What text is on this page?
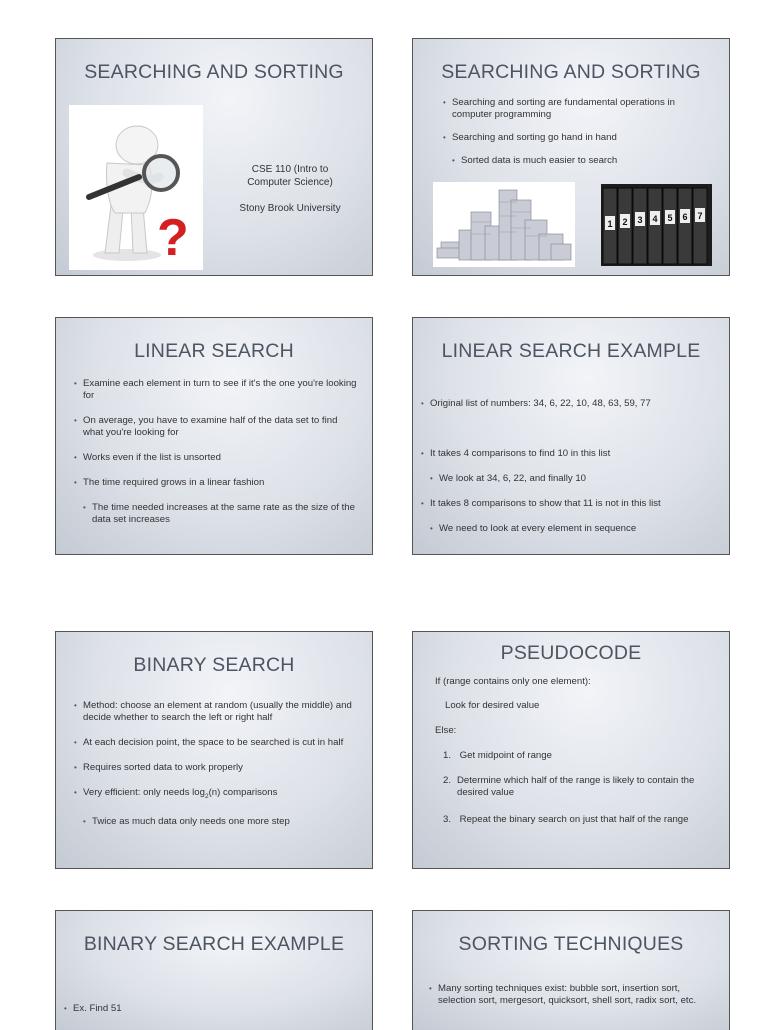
SEARCHING AND SORTING
?
CSE 110 (Intro to Computer Science)
Stony Brook University
SEARCHING AND SORTING
• Searching and sorting are fundamental operations in computer programming
• Searching and sorting go hand in hand
• Sorted data is much easier to search
1 2 3 4 5 6 7
LINEAR SEARCH
• Examine each element in turn to see if it's the one you're looking for
• On average, you have to examine half of the data set to find what you're looking for
• Works even if the list is unsorted
• The time required grows in a linear fashion
• The time needed increases at the same rate as the size of the data set increases
LINEAR SEARCH EXAMPLE
• Original list of numbers: 34, 6, 22, 10, 48, 63, 59, 77
• It takes 4 comparisons to find 10 in this list
• We look at 34, 6, 22, and finally 10
• It takes 8 comparisons to show that 11 is not in this list
• We need to look at every element in sequence
BINARY SEARCH
• Method: choose an element at random (usually the middle) and decide whether to search the left or right half
• At each decision point, the space to be searched is cut in half
• Requires sorted data to work properly
• Very efficient: only needs $\log_2(n)$ comparisons
• Twice as much data only needs one more step
PSEUDOCODE
If (range contains only one element):
Look for desired value
Else:
1. Get midpoint of range
2. Determine which half of the range is likely to contain the desired value
3. Repeat the binary search on just that half of the range
BINARY SEARCH EXAMPLE
• Ex. Find 51
SORTING TECHNIQUES
• Many sorting techniques exist: bubble sort, insertion sort, selection sort, mergesort, quicksort, shell sort, radix sort, etc.
